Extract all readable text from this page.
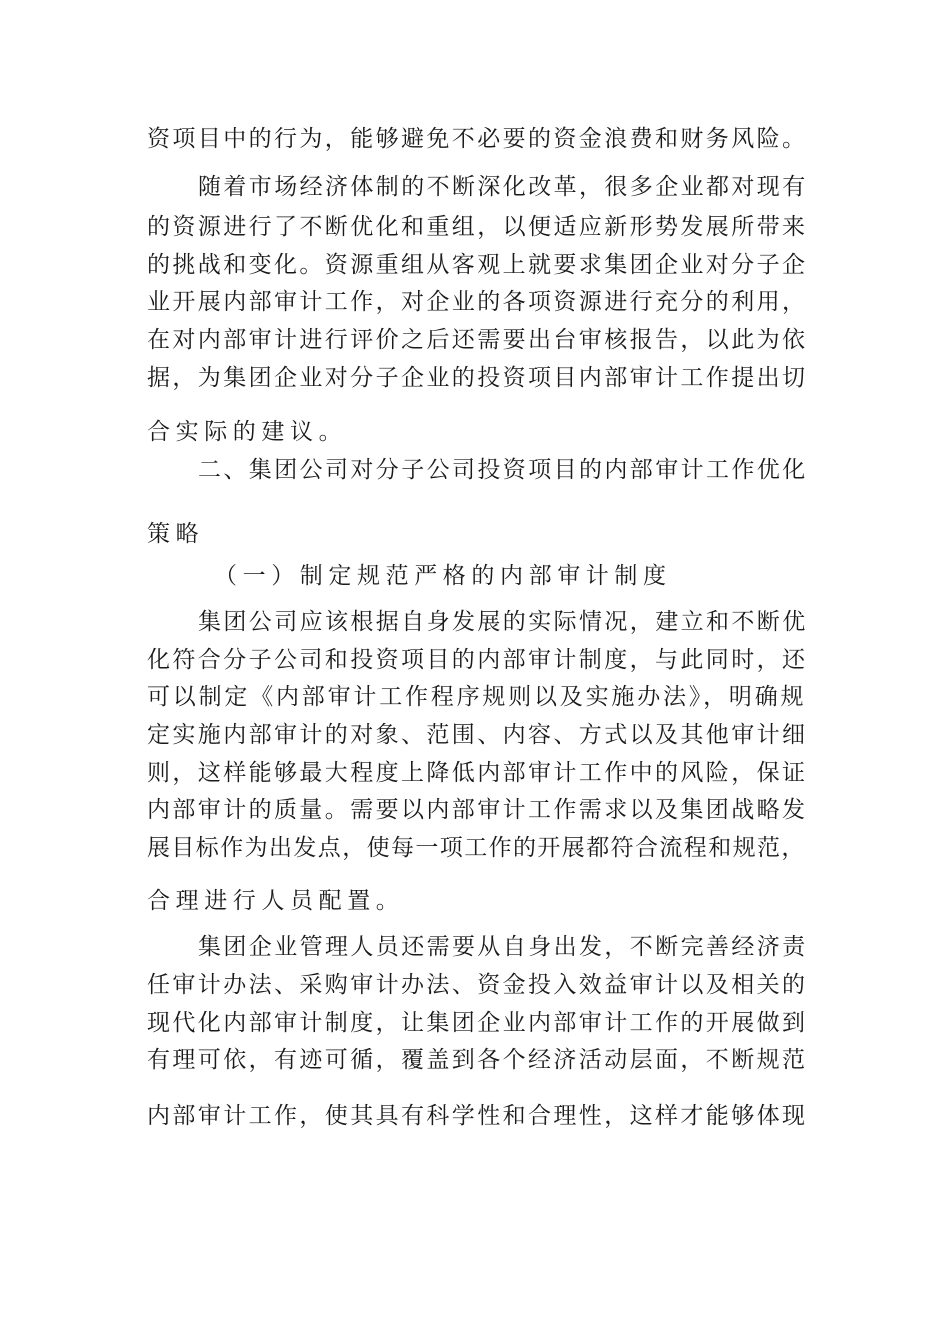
资项目中的行为，能够避免不必要的资金浪费和财务风险。
随着市场经济体制的不断深化改革，很多企业都对现有
的资源进行了不断优化和重组，以便适应新形势发展所带来
的挑战和变化。资源重组从客观上就要求集团企业对分子企
业开展内部审计工作，对企业的各项资源进行充分的利用，
在对内部审计进行评价之后还需要出台审核报告，以此为依
据，为集团企业对分子企业的投资项目内部审计工作提出切
合实际的建议。
二、集团公司对分子公司投资项目的内部审计工作优化
策略
（一）制定规范严格的内部审计制度
集团公司应该根据自身发展的实际情况，建立和不断优
化符合分子公司和投资项目的内部审计制度，与此同时，还
可以制定《内部审计工作程序规则以及实施办法》，明确规
定实施内部审计的对象、范围、内容、方式以及其他审计细
则，这样能够最大程度上降低内部审计工作中的风险，保证
内部审计的质量。需要以内部审计工作需求以及集团战略发
展目标作为出发点，使每一项工作的开展都符合流程和规范，
合理进行人员配置。
集团企业管理人员还需要从自身出发，不断完善经济责
任审计办法、采购审计办法、资金投入效益审计以及相关的
现代化内部审计制度，让集团企业内部审计工作的开展做到
有理可依，有迹可循，覆盖到各个经济活动层面，不断规范
内部审计工作，使其具有科学性和合理性，这样才能够体现
